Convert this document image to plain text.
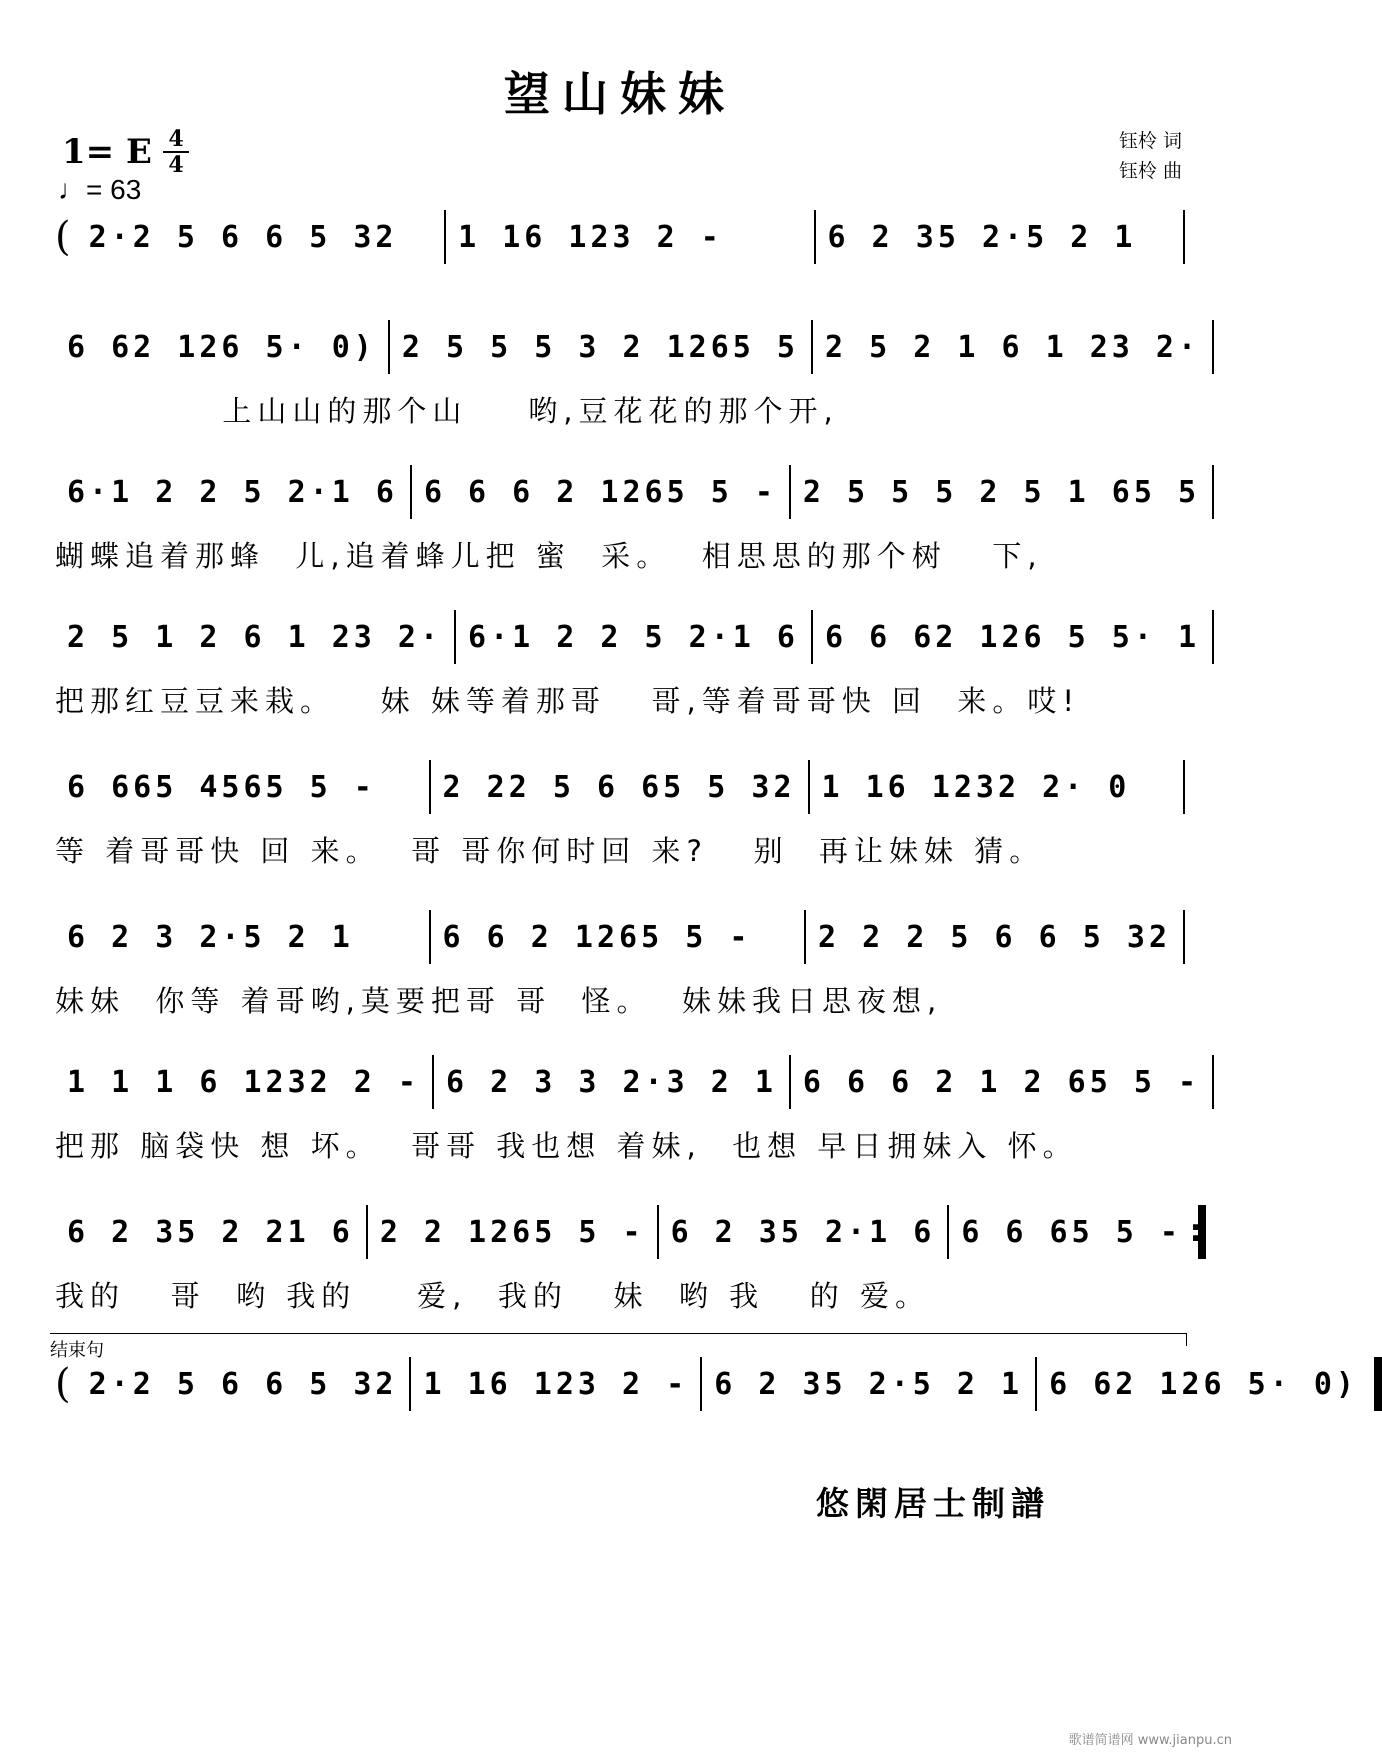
望山妹妹
1= E 4
4
♩= 63
钰柃 词
钰柃 曲
( 2·2 5 6 6 5 32	1 16 123 2 -	6 2 35 2·5 2 1
6 62 126 5· 0) 2 5 5 5 3 2 1265 5 2 5 2 1 6 1 23 2·
上山山的那个山    哟,豆花花的那个开,
6·1 2 2 5 2·1 6 6 6 6 2 1265 5 - 2 5 5 5 2 5 1 65 5
蝴蝶追着那蜂  儿,追着蜂儿把 蜜  采。  相思思的那个树   下,
2 5 1 2 6 1 23 2· 6·1 2 2 5 2·1 6 6 6 62 126 5 5· 1
把那红豆豆来栽。   妹 妹等着那哥   哥,等着哥哥快 回  来。哎!
6 665 4565 5 -	2 22 5 6 65 5 32 1 16 1232 2· 0
等 着哥哥快 回 来。  哥 哥你何时回 来?   别  再让妹妹 猜。
6 2 3 2·5 2 1	6 6 2 1265 5 -	2 2 2 5 6 6 5 32
妹妹  你等 着哥哟,莫要把哥 哥  怪。  妹妹我日思夜想,
1 1 1 6 1232 2 - 6 2 3 3 2·3 2 1 6 6 6 2 1 2 65 5 -
把那 脑袋快 想 坏。  哥哥 我也想 着妹,  也想 早日拥妹入 怀。
6 2 35 2 21 6 2 2 1265 5 - 6 2 35 2·1 6 6 6 65 5 -
:
我的   哥  哟 我的    爱,  我的   妹  哟 我   的 爱。
( 2·2 5 6 6 5 32 1 16 123 2 - 6 2 35 2·5 2 1 6 62 126 5· 0)
结束句
悠閑居士制譜
歌谱简谱网 www.jianpu.cn
